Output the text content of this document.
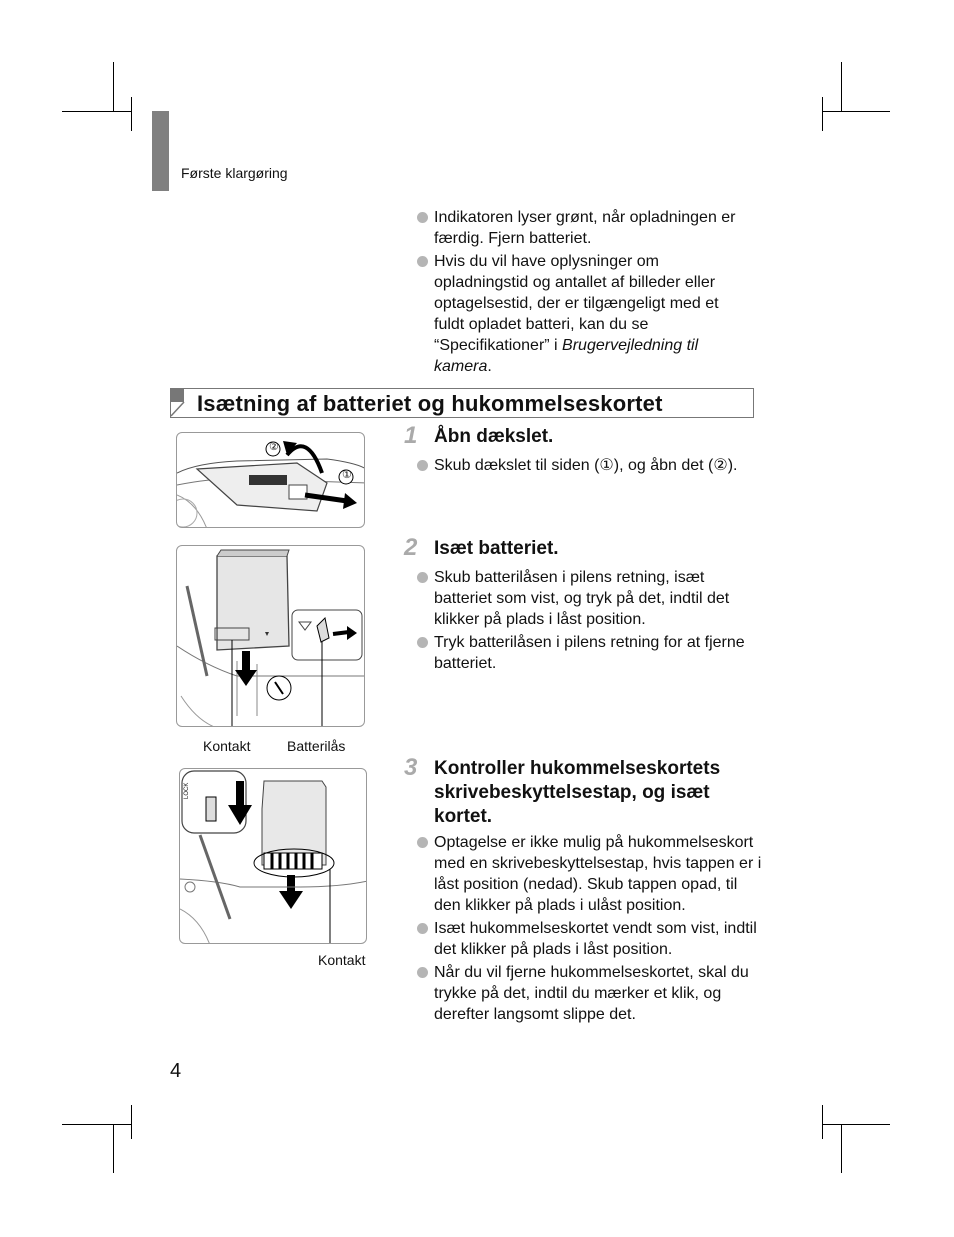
Første klargøring
Indikatoren lyser grønt, når opladningen er færdig. Fjern batteriet.
Hvis du vil have oplysninger om opladningstid og antallet af billeder eller optagelsestid, der er tilgængeligt med et fuldt opladet batteri, kan du se “Specifikationer” i Brugervejledning til kamera.
Isætning af batteriet og hukommelseskortet
②
①
Kontakt	Batterilås
LOCK
Kontakt
1 Åbn dækslet.
Skub dækslet til siden (①), og åbn det (②).
2 Isæt batteriet.
Skub batterilåsen i pilens retning, isæt batteriet som vist, og tryk på det, indtil det klikker på plads i låst position.
Tryk batterilåsen i pilens retning for at fjerne batteriet.
3 Kontroller hukommelseskortets skrivebeskyttelsestap, og isæt kortet.
Optagelse er ikke mulig på hukommelseskort med en skrivebeskyttelsestap, hvis tappen er i låst position (nedad). Skub tappen opad, til den klikker på plads i ulåst position.
Isæt hukommelseskortet vendt som vist, indtil det klikker på plads i låst position.
Når du vil fjerne hukommelseskortet, skal du trykke på det, indtil du mærker et klik, og derefter langsomt slippe det.
4
